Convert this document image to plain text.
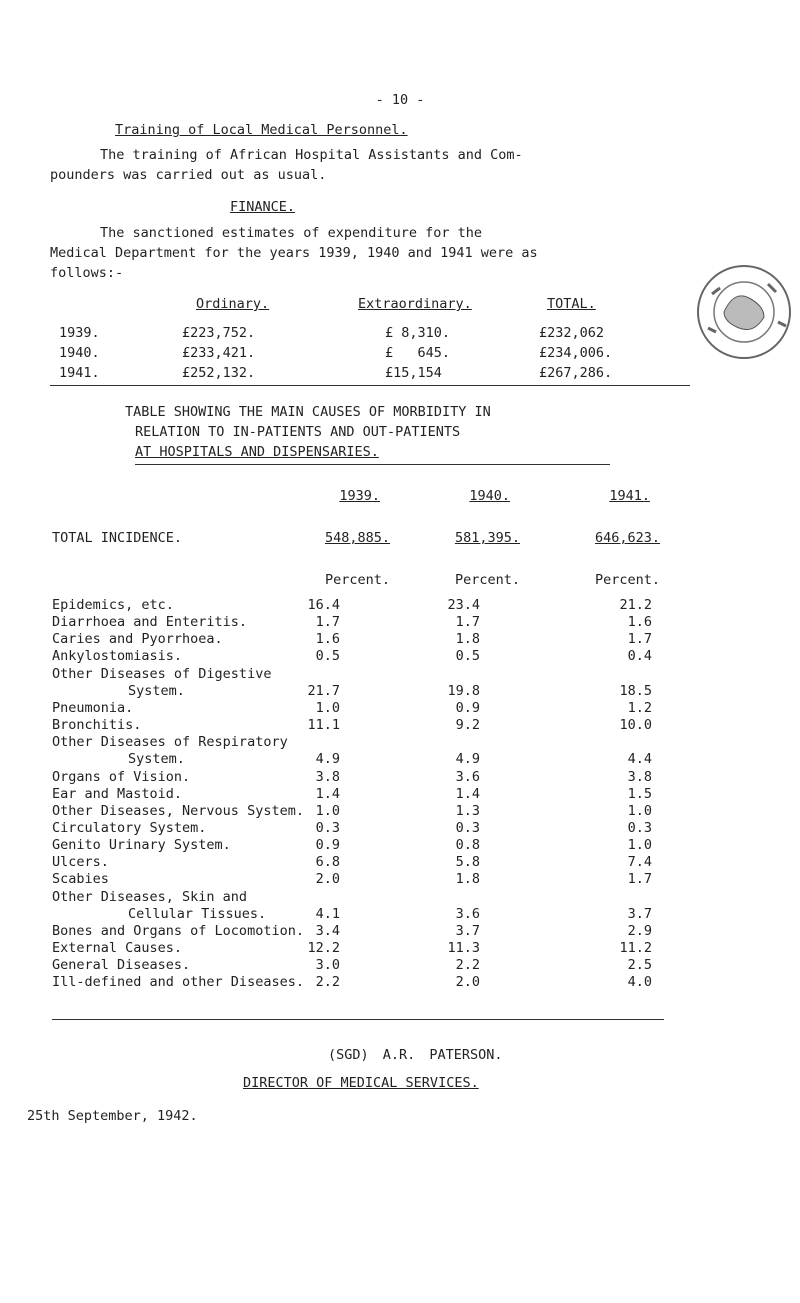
- 10 -
Training of Local Medical Personnel.
The training of African Hospital Assistants and Com-
pounders was carried out as usual.
FINANCE.
The sanctioned estimates of expenditure for the
Medical Department for the years 1939, 1940 and 1941 were as
follows:-
Ordinary.	Extraordinary.	TOTAL.
1939.	£223,752.	£ 8,310.	£232,062
1940.	£233,421.	£   645.	£234,006.
1941.	£252,132.	£15,154	£267,286.
TABLE SHOWING THE MAIN CAUSES OF MORBIDITY IN
RELATION TO IN-PATIENTS AND OUT-PATIENTS
AT HOSPITALS AND DISPENSARIES.
1939.	1940.	1941.
TOTAL INCIDENCE.	548,885.	581,395.	646,623.
Percent.	Percent.	Percent.
Epidemics, etc.	16.4	23.4	21.2
Diarrhoea and Enteritis.	1.7	1.7	1.6
Caries and Pyorrhoea.	1.6	1.8	1.7
Ankylostomiasis.	0.5	0.5	0.4
Other Diseases of Digestive
System.	21.7	19.8	18.5
Pneumonia.	1.0	0.9	1.2
Bronchitis.	11.1	9.2	10.0
Other Diseases of Respiratory
System.	4.9	4.9	4.4
Organs of Vision.	3.8	3.6	3.8
Ear and Mastoid.	1.4	1.4	1.5
Other Diseases, Nervous System. 1.0	1.3	1.0
Circulatory System.	0.3	0.3	0.3
Genito Urinary System.	0.9	0.8	1.0
Ulcers.	6.8	5.8	7.4
Scabies	2.0	1.8	1.7
Other Diseases, Skin and
Cellular Tissues.	4.1	3.6	3.7
Bones and Organs of Locomotion. 3.4	3.7	2.9
External Causes.	12.2	11.3	11.2
General Diseases.	3.0	2.2	2.5
Ill-defined and other Diseases. 2.2	2.0	4.0
(SGD) A.R. PATERSON.
DIRECTOR OF MEDICAL SERVICES.
25th September, 1942.
